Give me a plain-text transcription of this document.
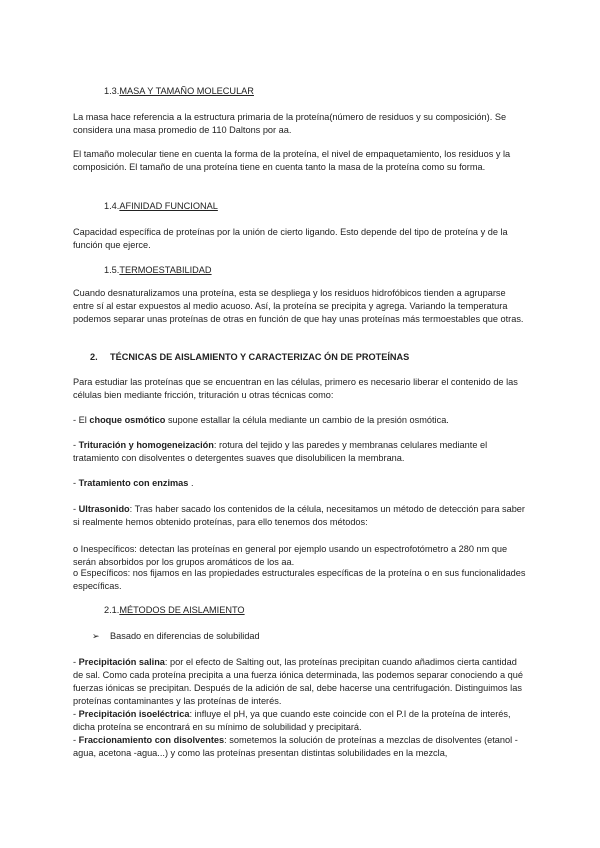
1.3.MASA Y TAMAÑO MOLECULAR
La masa hace referencia a la estructura primaria de la proteína(número de residuos y su composición). Se considera una masa promedio de 110 Daltons por aa.
El tamaño molecular tiene en cuenta la forma de la proteína, el nivel de empaquetamiento, los residuos y la composición. El tamaño de una proteína tiene en cuenta tanto la masa de la proteína como su forma.
1.4.AFINIDAD FUNCIONAL
Capacidad específica de proteínas por la unión de cierto ligando. Esto depende del tipo de proteína y de la función que ejerce.
1.5.TERMOESTABILIDAD
Cuando desnaturalizamos una proteína, esta se despliega y los residuos hidrofóbicos tienden a agruparse entre sí al estar expuestos al medio acuoso. Así, la proteína se precipita y agrega. Variando la temperatura podemos separar unas proteínas de otras en función de que hay unas proteínas más termoestables que otras.
2. TÉCNICAS DE AISLAMIENTO Y CARACTERIZAC ÓN DE PROTEÍNAS
Para estudiar las proteínas que se encuentran en las células, primero es necesario liberar el contenido de las células bien mediante fricción, trituración u otras técnicas como:
- El choque osmótico supone estallar la célula mediante un cambio de la presión osmótica.
- Trituración y homogeneización: rotura del tejido y las paredes y membranas celulares mediante el tratamiento con disolventes o detergentes suaves que disolubilicen la membrana.
- Tratamiento con enzimas .
- Ultrasonido: Tras haber sacado los contenidos de la célula, necesitamos un método de detección para saber si realmente hemos obtenido proteínas, para ello tenemos dos métodos:
o Inespecíficos: detectan las proteínas en general por ejemplo usando un espectrofotómetro a 280 nm que serán absorbidos por los grupos aromáticos de los aa.
o Específicos: nos fijamos en las propiedades estructurales específicas de la proteína o en sus funcionalidades específicas.
2.1.MÉTODOS DE AISLAMIENTO
➢ Basado en diferencias de solubilidad
- Precipitación salina: por el efecto de Salting out, las proteínas precipitan cuando añadimos cierta cantidad de sal. Como cada proteína precipita a una fuerza iónica determinada, las podemos separar conociendo a qué fuerzas iónicas se precipitan. Después de la adición de sal, debe hacerse una centrifugación. Distinguimos las proteínas contaminantes y las proteínas de interés.
- Precipitación isoeléctrica: influye el pH, ya que cuando este coincide con el P.I de la proteína de interés, dicha proteína se encontrará en su mínimo de solubilidad y precipitará.
- Fraccionamiento con disolventes: sometemos la solución de proteínas a mezclas de disolventes (etanol -agua, acetona -agua...) y como las proteínas presentan distintas solubilidades en la mezcla,
